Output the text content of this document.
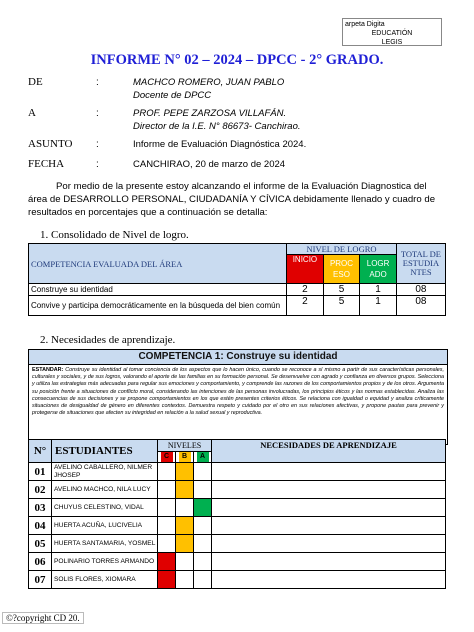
arpeta Digita
EDUCATIÓN
LEGIS
INFORME N° 02 – 2024 – DPCC - 2° GRADO.
DE	:	MACHCO ROMERO, JUAN PABLO
Docente de DPCC
A	:	PROF. PEPE ZARZOSA VILLAFÁN.
Director de la I.E. N° 86673- Canchirao.
ASUNTO :	Informe de Evaluación Diagnóstica 2024.
FECHA	:	CANCHIRAO, 20 de marzo de 2024
Por medio de la presente estoy alcanzando el informe de la Evaluación Diagnostica del área de DESARROLLO PERSONAL, CIUDADANÍA Y CÍVICA debidamente llenado y cuadro de resultados en porcentajes que a continuación se detalla:
1. Consolidado de Nivel de logro.
COMPETENCIA EVALUADA DEL ÁREA	NIVEL DE LOGRO			TOTAL DE ESTUDIA NTES
	INICIO	PROC ESO	LOGR ADO	
Construye su identidad	2	5	1	08
Convive y participa democráticamente en la búsqueda del bien común	2	5	1	08
2. Necesidades de aprendizaje.
COMPETENCIA 1: Construye su identidad
ESTANDAR: Construye su identidad al tomar conciencia de los aspectos que lo hacen único, cuando se reconoce a sí mismo a partir de sus características personales, culturales y sociales, y de sus logros, valorando el aporte de las familias en su formación personal. Se desenvuelve con agrado y confianza en diversos grupos. Selecciona y utiliza las estrategias más adecuadas para regular sus emociones y comportamiento, y comprende las razones de los comportamientos propios y de los otros. Argumenta su posición frente a situaciones de conflicto moral, considerando las intenciones de las personas involucradas, los principios éticos y las normas establecidas. Analiza las consecuencias de sus decisiones y se propone comportamientos en los que estén presentes criterios éticos. Se relaciona con igualdad o equidad y analiza críticamente situaciones de desigualdad de género en diferentes contextos. Demuestra respeto y cuidado por el otro en sus relaciones afectivas, y propone pautas para prevenir y protegerse de situaciones que afecten su integridad en relación a la salud sexual y reproductiva.
N°	ESTUDIANTES	NIVELES			NECESIDADES DE APRENDIZAJE
		C	B	A	
01	AVELINO CABALLERO, NILMER JHOSEP				
02	AVELINO MACHCO, NILA LUCY				
03	CHUYUS CELESTINO, VIDAL				
04	HUERTA ACUÑA, LUCIVELIA				
05	HUERTA SANTAMARIA, YOSMEL				
06	POLINARIO TORRES ARMANDO				
07	SOLIS FLORES, XIOMARA				
©?copyright CD 20.
